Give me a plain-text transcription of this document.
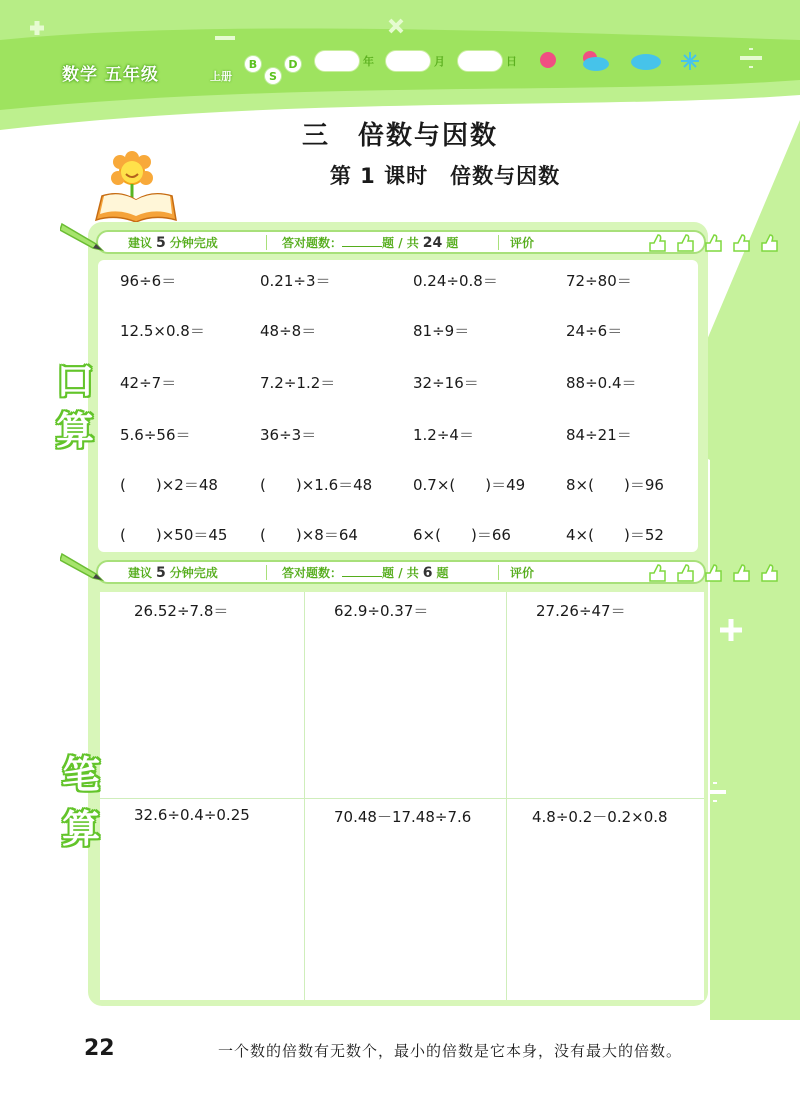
数学 五年级	上册
B
S
D	年	月	日
三　倍数与因数
第 1 课时　倍数与因数
建议 5 分钟完成	答对题数：	题 / 共 24 题	评价
口
算
96÷6＝	0.21÷3＝	0.24÷0.8＝	72÷80＝
12.5×0.8＝	48÷8＝	81÷9＝	24÷6＝
42÷7＝	7.2÷1.2＝	32÷16＝	88÷0.4＝
5.6÷56＝	36÷3＝	1.2÷4＝	84÷21＝
(　　)×2＝48	(　　)×1.6＝48	0.7×(　　)＝49	8×(　　)＝96
(　　)×50＝45 (　　)×8＝64	6×(　　)＝66	4×(　　)＝52
建议 5 分钟完成	答对题数：	题 / 共 6 题	评价
笔
算
26.52÷7.8＝	62.9÷0.37＝	27.26÷47＝
32.6÷0.4÷0.25	70.48－17.48÷7.6	4.8÷0.2－0.2×0.8
22	一个数的倍数有无数个，最小的倍数是它本身，没有最大的倍数。
